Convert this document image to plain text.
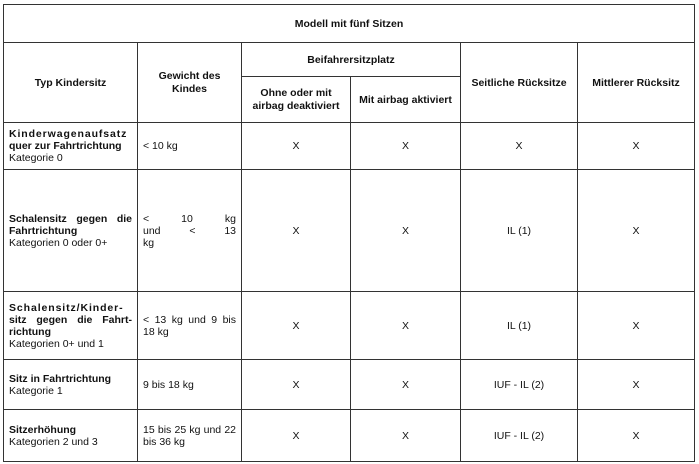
Modell mit fünf Sitzen					
Typ Kindersitz	Gewicht des Kindes	Beifahrersitzplatz		Seitliche Rücksitze	Mittlerer Rücksitz
		Ohne oder mit airbag deaktiviert	Mit airbag aktiviert		

Kinderwagenaufsatz
quer zur Fahrtrichtung
Kategorie 0	< 10 kg	X	X	X	X

Schalensitz gegen die
Fahrtrichtung
Kategorien 0 oder 0+	< 10 kg und < 13 kg	X	X	IL (1)	X

Schalensitz/Kinder-
sitz gegen die Fahrt-
richtung
Kategorien 0+ und 1	< 13 kg und 9 bis 18 kg	X	X	IL (1)	X

Sitz in Fahrtrichtung
Kategorie 1	9 bis 18 kg	X	X	IUF - IL (2)	X

Sitzerhöhung
Kategorien 2 und 3	15 bis 25 kg und 22 bis 36 kg	X	X	IUF - IL (2)	X
